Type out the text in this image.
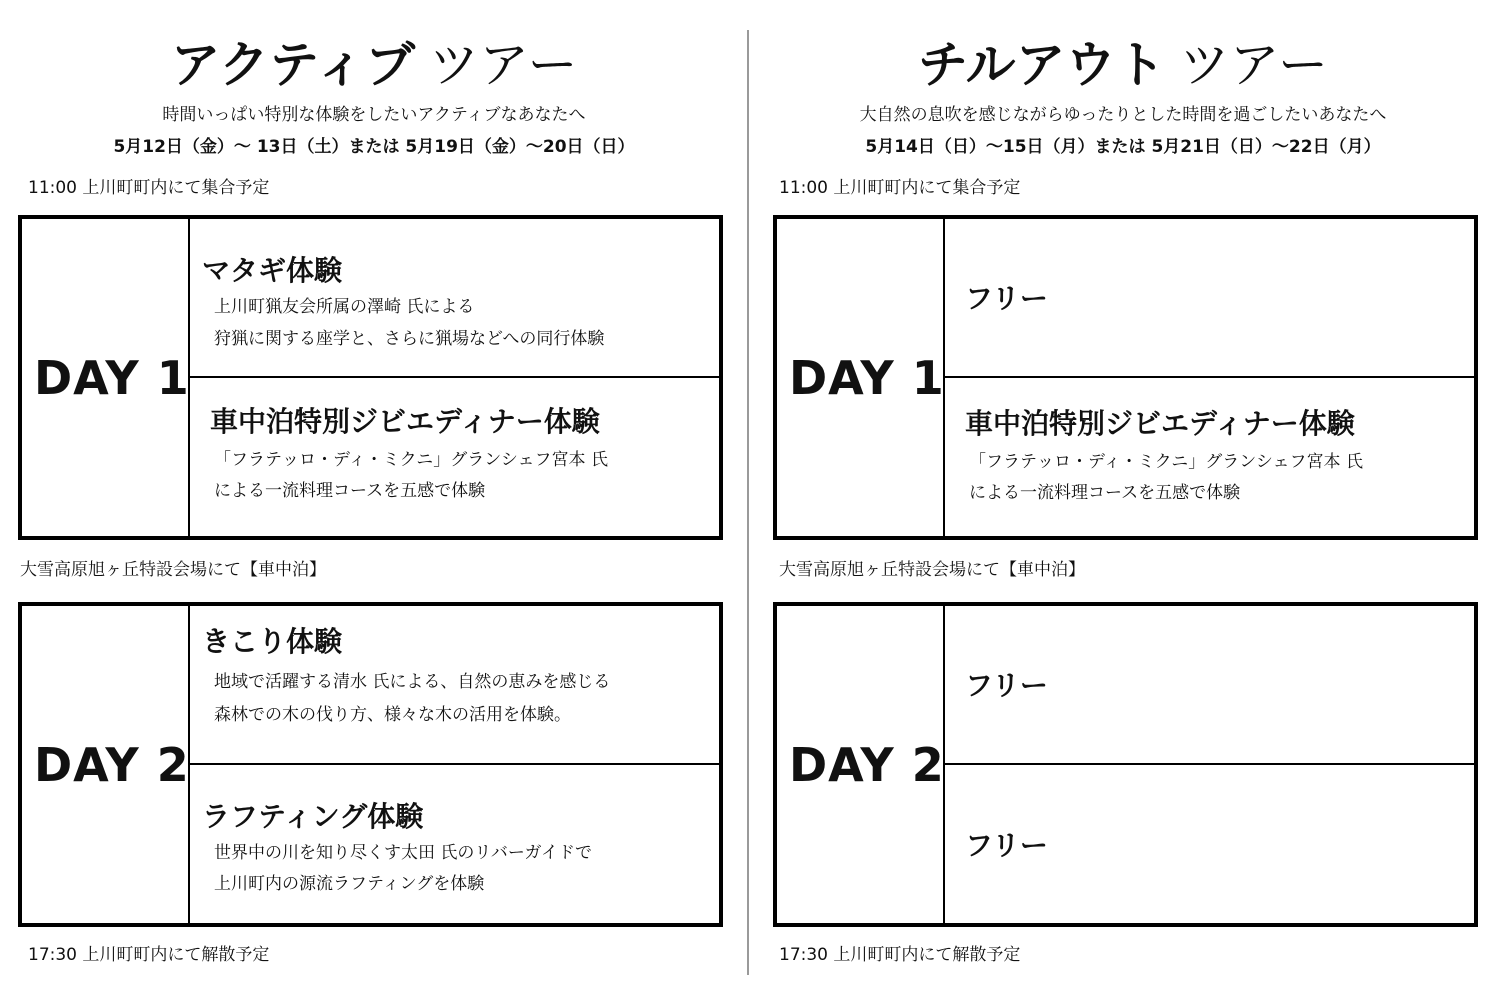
アクティブ ツアー
時間いっぱい特別な体験をしたいアクティブなあなたへ
5月12日（金）〜 13日（土）または 5月19日（金）〜20日（日）
11:00 上川町町内にて集合予定
DAY 1
マタギ体験
上川町猟友会所属の澤崎 氏による
狩猟に関する座学と、さらに猟場などへの同行体験
車中泊特別ジビエディナー体験
「フラテッロ・ディ・ミクニ」グランシェフ宮本 氏
による一流料理コースを五感で体験
大雪高原旭ヶ丘特設会場にて【車中泊】
DAY 2
きこり体験
地域で活躍する清水 氏による、自然の恵みを感じる
森林での木の伐り方、様々な木の活用を体験。
ラフティング体験
世界中の川を知り尽くす太田 氏のリバーガイドで
上川町内の源流ラフティングを体験
17:30 上川町町内にて解散予定
チルアウト ツアー
大自然の息吹を感じながらゆったりとした時間を過ごしたいあなたへ
5月14日（日）〜15日（月）または 5月21日（日）〜22日（月）
11:00 上川町町内にて集合予定
DAY 1
フリー
車中泊特別ジビエディナー体験
「フラテッロ・ディ・ミクニ」グランシェフ宮本 氏
による一流料理コースを五感で体験
大雪高原旭ヶ丘特設会場にて【車中泊】
DAY 2
フリー
フリー
17:30 上川町町内にて解散予定
